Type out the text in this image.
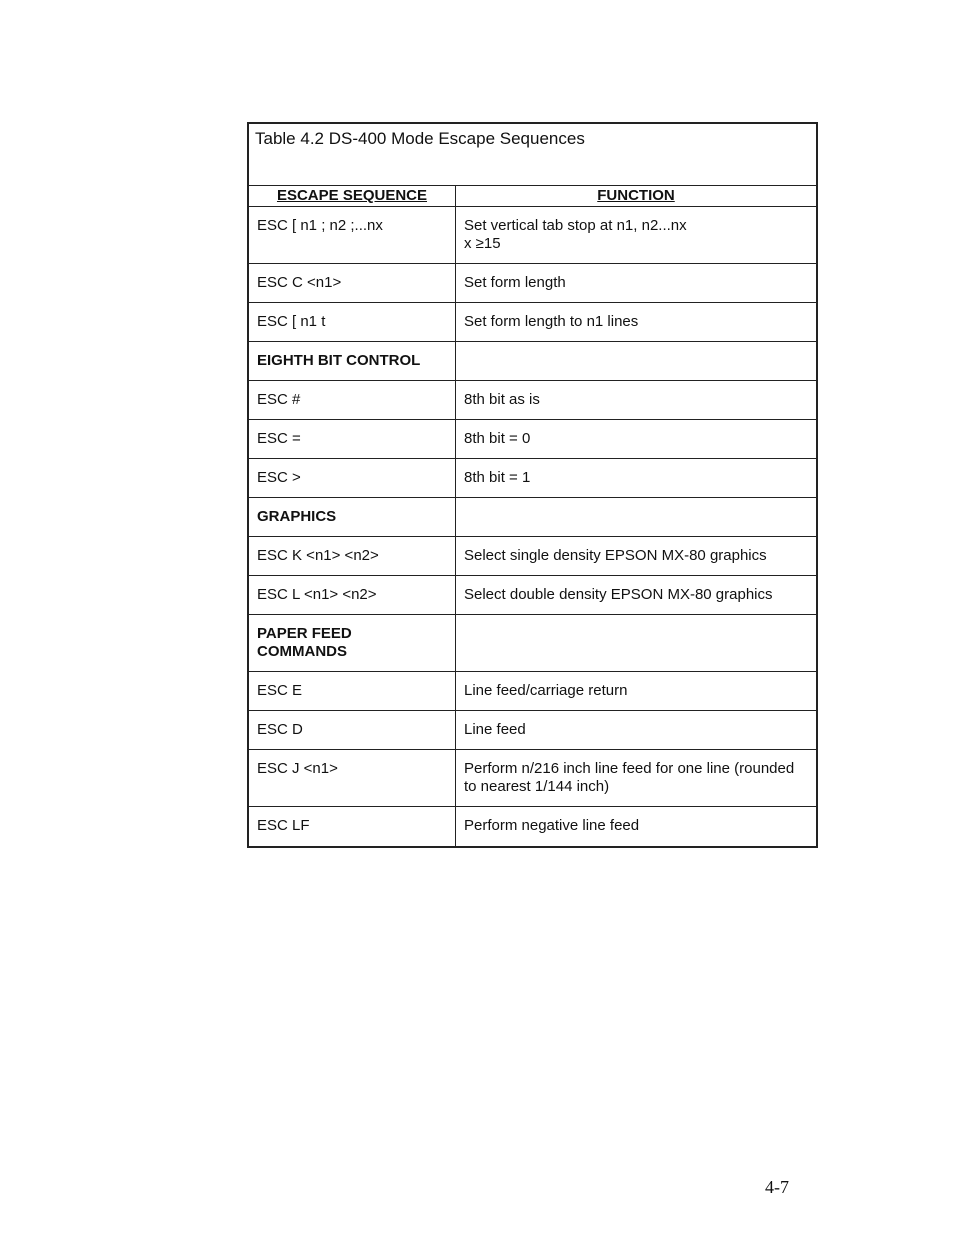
Table 4.2 DS-400 Mode Escape Sequences
ESCAPE SEQUENCE	FUNCTION
ESC [ n1 ; n2 ;...nx	Set vertical tab stop at n1, n2...nx
x ≥15

ESC C <n1>	Set form length
ESC [ n1 t	Set form length to n1 lines
EIGHTH BIT CONTROL	
ESC #	8th bit as is
ESC =	8th bit = 0
ESC >	8th bit = 1
GRAPHICS	
ESC K <n1> <n2>	Select single density EPSON MX-80 graphics
ESC L <n1> <n2>	Select double density EPSON MX-80 graphics

PAPER FEED
COMMANDS	

ESC E	Line feed/carriage return
ESC D	Line feed
ESC J <n1>	Perform n/216 inch line feed for one line (rounded
to nearest 1/144 inch)

ESC LF	Perform negative line feed
4-7
